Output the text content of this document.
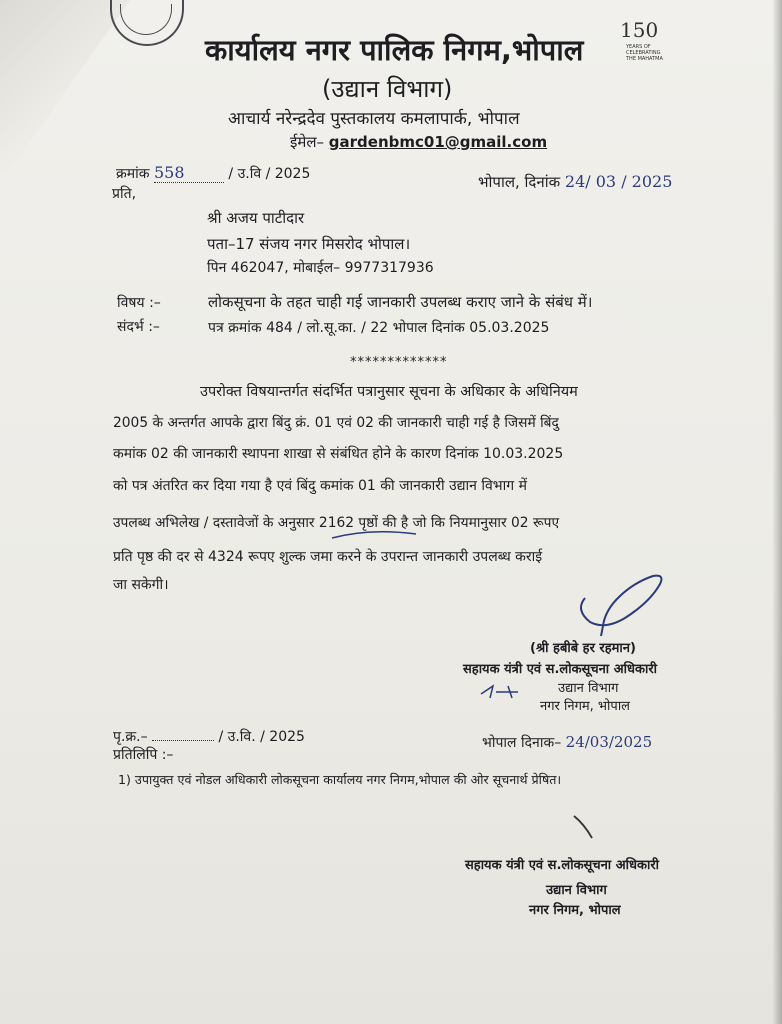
150
YEARS OF
CELEBRATING
THE MAHATMA
कार्यालय नगर पालिक निगम,भोपाल
(उद्यान विभाग)
आचार्य नरेन्द्रदेव पुस्तकालय कमलापार्क, भोपाल
ईमेल– gardenbmc01@gmail.com
क्रमांक 558	/ उ.वि / 2025
प्रति,
भोपाल, दिनांक 24/ 03 / 2025
श्री अजय पाटीदार
पता–17 संजय नगर मिसरोद भोपाल।
पिन 462047, मोबाईल– 9977317936
विषय :–	लोकसूचना के तहत चाही गई जानकारी उपलब्ध कराए जाने के संबंध में।
संदर्भ :–	पत्र क्रमांक 484 / लो.सू.का. / 22 भोपाल दिनांक 05.03.2025
*************
उपरोक्त विषयान्तर्गत संदर्भित पत्रानुसार सूचना के अधिकार के अधिनियम
2005 के अन्तर्गत आपके द्वारा बिंदु क्रं. 01 एवं 02 की जानकारी चाही गई है जिसमें बिंदु
कमांक 02 की जानकारी स्थापना शाखा से संबंधित होने के कारण दिनांक 10.03.2025
को पत्र अंतरित कर दिया गया है एवं बिंदु कमांक 01 की जानकारी उद्यान विभाग में
उपलब्ध अभिलेख / दस्तावेजों के अनुसार 2162 पृष्ठों की है जो कि नियमानुसार 02 रूपए
प्रति पृष्ठ की दर से 4324 रूपए शुल्क जमा करने के उपरान्त जानकारी उपलब्ध कराई
जा सकेगी।
(श्री हबीबे हर रहमान)
सहायक यंत्री एवं स.लोकसूचना अधिकारी
उद्यान विभाग
नगर निगम, भोपाल
पृ.क्र.–	/ उ.वि. / 2025	भोपाल दिनाक– 24/03/2025
प्रतिलिपि :–
1) उपायुक्त एवं नोडल अधिकारी लोकसूचना कार्यालय नगर निगम,भोपाल की ओर सूचनार्थ प्रेषित।
सहायक यंत्री एवं स.लोकसूचना अधिकारी
उद्यान विभाग
नगर निगम, भोपाल
